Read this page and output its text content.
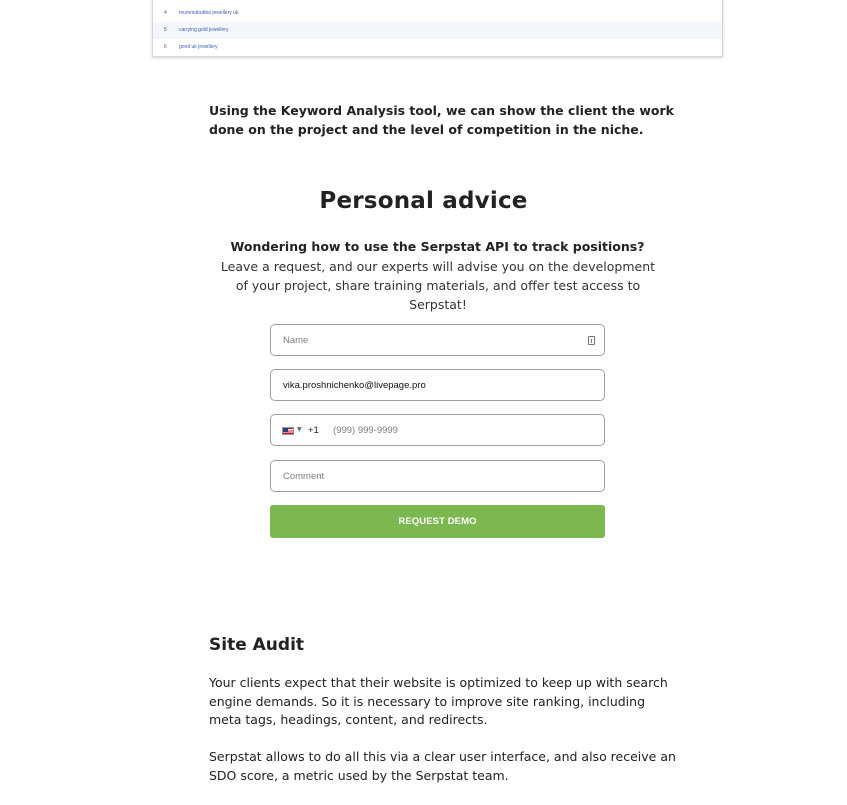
4 mummabubba jewellery uk
5 carrying gold jewellery
6 good uk jewellery

Using the Keyword Analysis tool, we can show the client the work done on the project and the level of competition in the niche.

Personal advice

Wondering how to use the Serpstat API to track positions?

Leave a request, and our experts will advise you on the development of your project, share training materials, and offer test access to Serpstat!

Name
vika.proshnichenko@livepage.pro
▼ +1
(999) 999-9999
Comment
REQUEST DEMO
Site Audit

Your clients expect that their website is optimized to keep up with search engine demands. So it is necessary to improve site ranking, including meta tags, headings, content, and redirects.

Serpstat allows to do all this via a clear user interface, and also receive an SDO score, a metric used by the Serpstat team.
